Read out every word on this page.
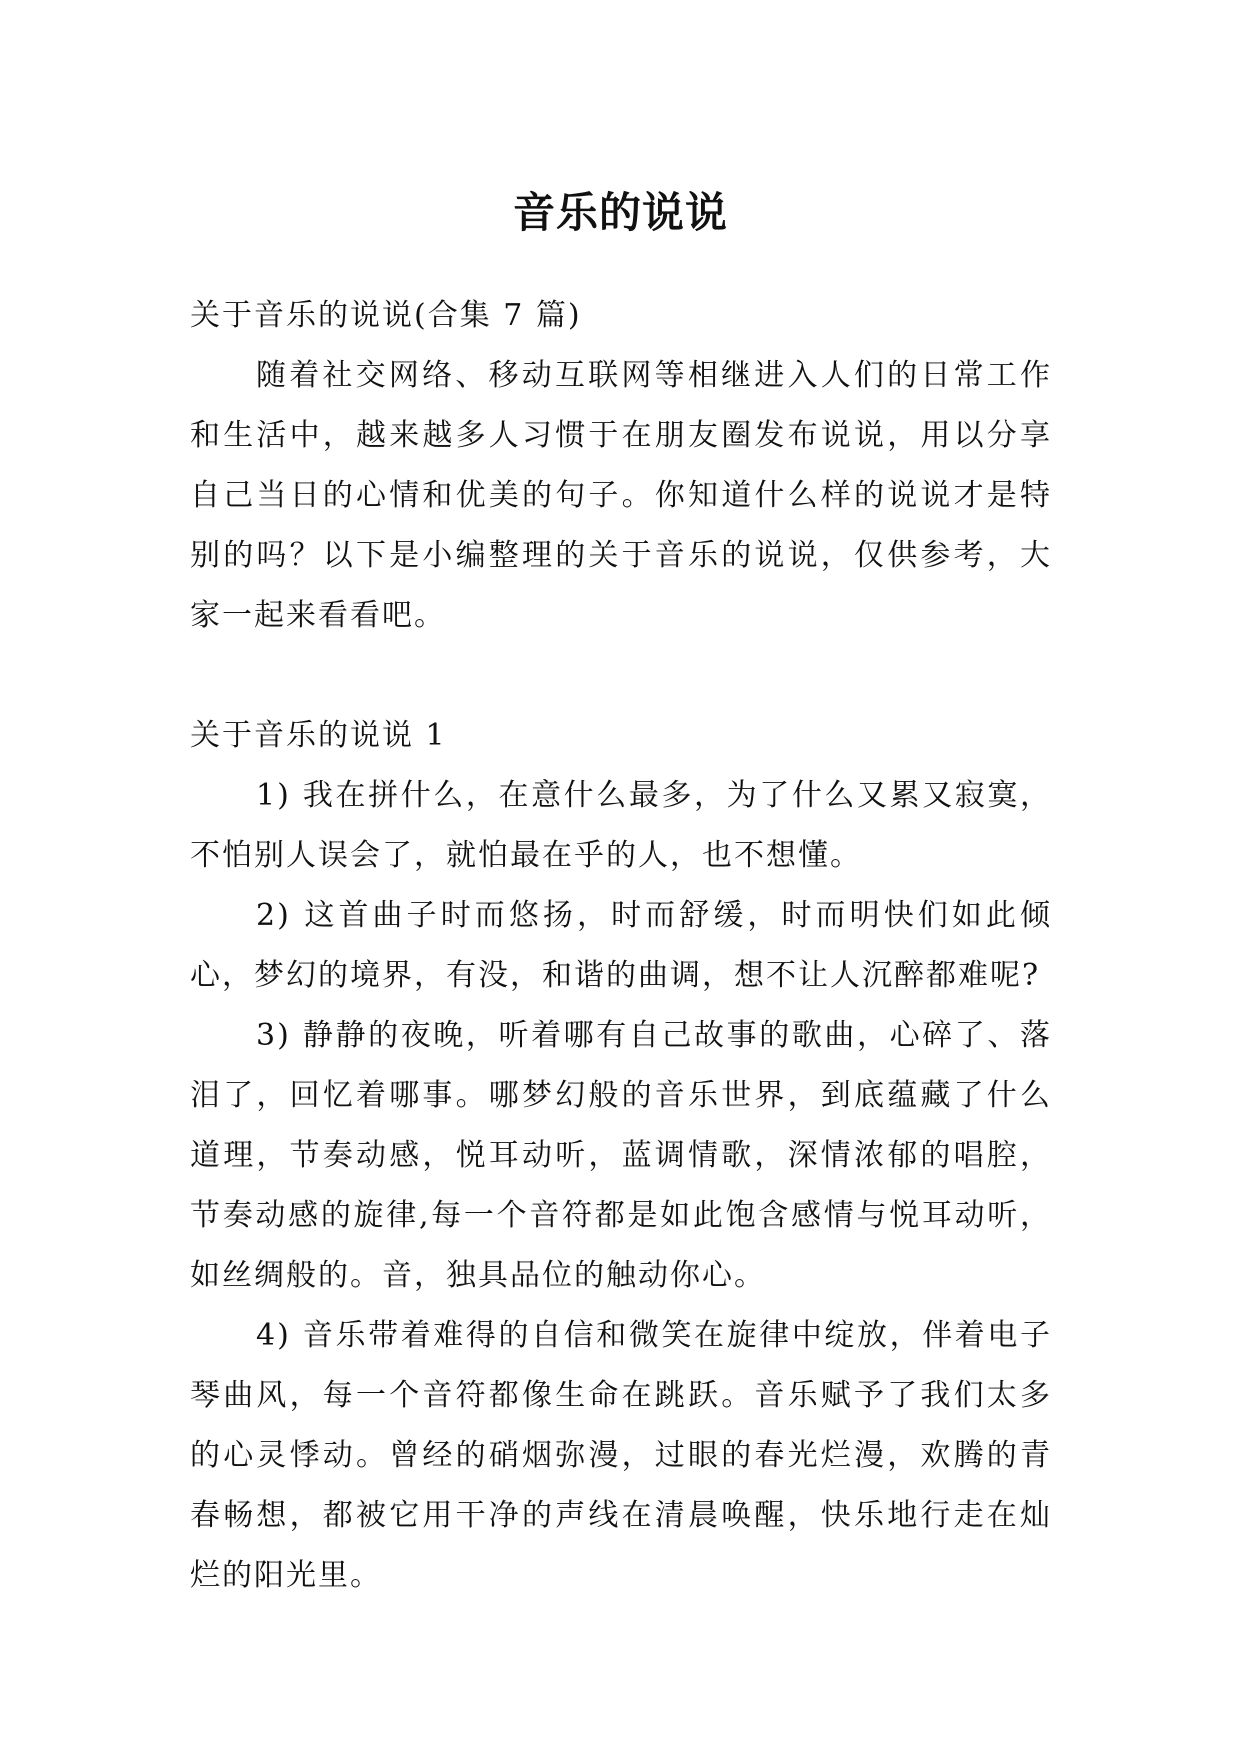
音乐的说说

关于音乐的说说(合集 7 篇)

随着社交网络、移动互联网等相继进入人们的日常工作和生活中，越来越多人习惯于在朋友圈发布说说，用以分享自己当日的心情和优美的句子。你知道什么样的说说才是特别的吗？以下是小编整理的关于音乐的说说，仅供参考，大家一起来看看吧。

关于音乐的说说 1

1) 我在拼什么，在意什么最多，为了什么又累又寂寞，不怕别人误会了，就怕最在乎的人，也不想懂。

2) 这首曲子时而悠扬，时而舒缓，时而明快们如此倾心，梦幻的境界，有没，和谐的曲调，想不让人沉醉都难呢?

3) 静静的夜晚，听着哪有自己故事的歌曲，心碎了、落泪了，回忆着哪事。哪梦幻般的音乐世界，到底蕴藏了什么道理，节奏动感，悦耳动听，蓝调情歌，深情浓郁的唱腔，节奏动感的旋律,每一个音符都是如此饱含感情与悦耳动听，如丝绸般的。音，独具品位的触动你心。

4) 音乐带着难得的自信和微笑在旋律中绽放，伴着电子琴曲风，每一个音符都像生命在跳跃。音乐赋予了我们太多的心灵悸动。曾经的硝烟弥漫，过眼的春光烂漫，欢腾的青春畅想，都被它用干净的声线在清晨唤醒，快乐地行走在灿烂的阳光里。
